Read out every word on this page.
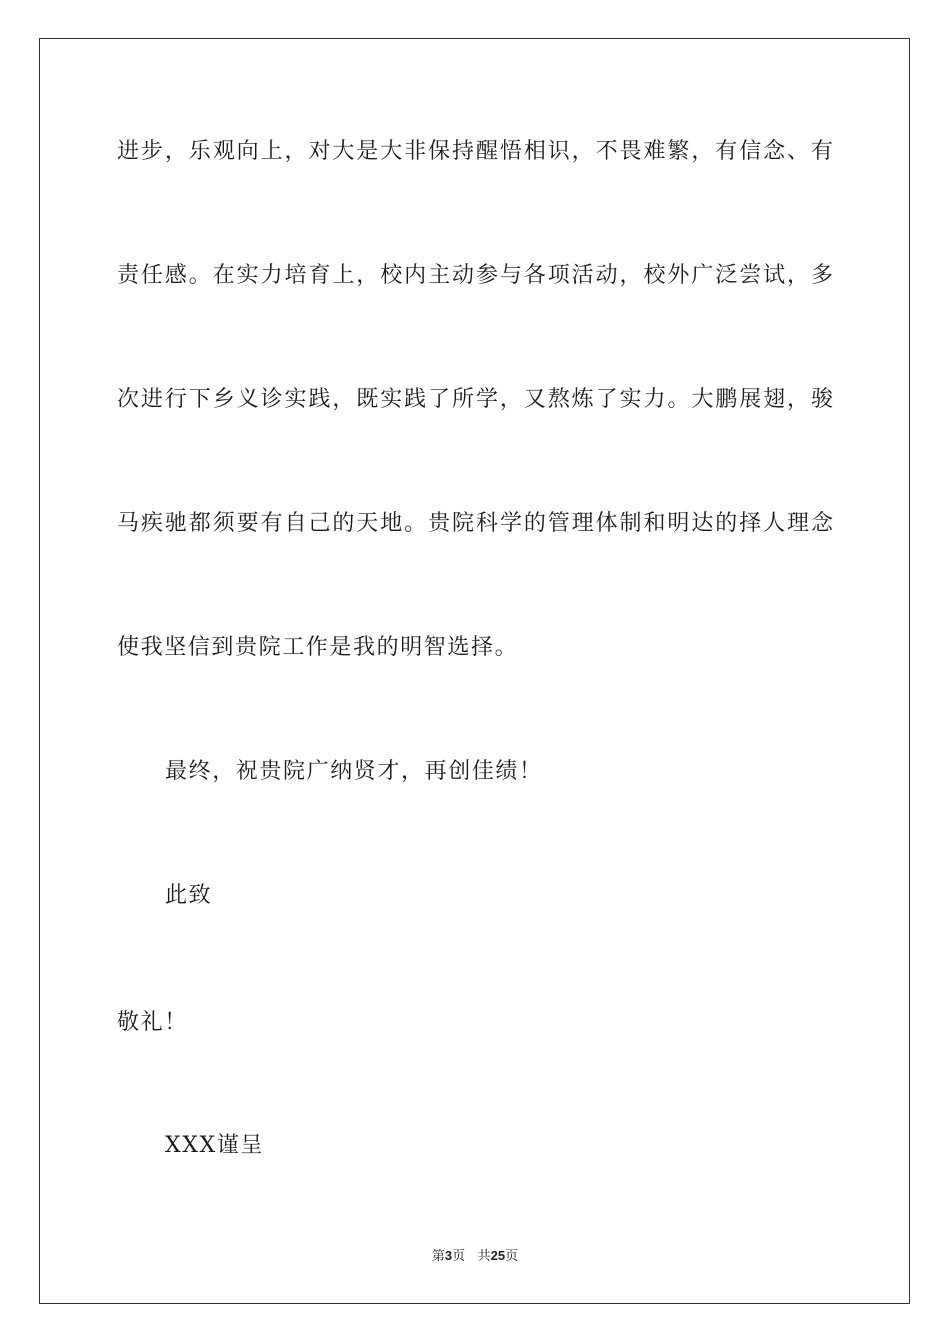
进步，乐观向上，对大是大非保持醒悟相识，不畏难繁，有信念、有
责任感。在实力培育上，校内主动参与各项活动，校外广泛尝试，多
次进行下乡义诊实践，既实践了所学，又熬炼了实力。大鹏展翅，骏
马疾驰都须要有自己的天地。贵院科学的管理体制和明达的择人理念
使我坚信到贵院工作是我的明智选择。
最终，祝贵院广纳贤才，再创佳绩！
此致
敬礼！
XXX谨呈
第3页 共25页
